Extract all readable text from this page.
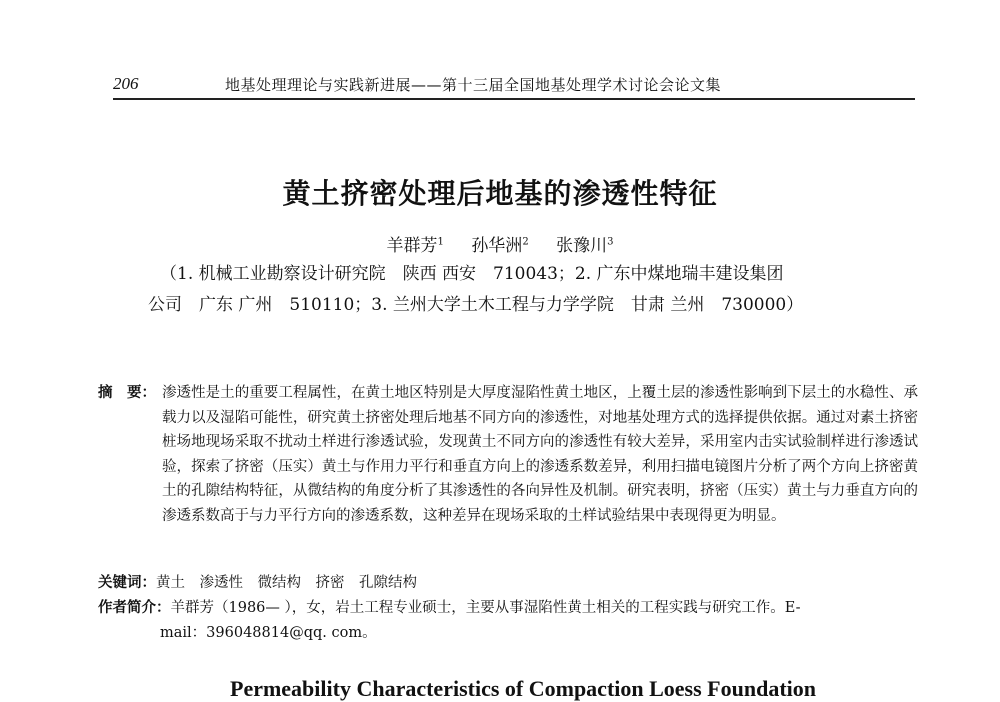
206	地基处理理论与实践新进展——第十三届全国地基处理学术讨论会论文集
黄土挤密处理后地基的渗透性特征
羊群芳$^1$ 孙华洲$^2$ 张豫川$^3$
（1. 机械工业勘察设计研究院　陕西 西安　710043；2. 广东中煤地瑞丰建设集团
公司　广东 广州　510110；3. 兰州大学土木工程与力学学院　甘肃 兰州　730000）
摘　要： 渗透性是土的重要工程属性，在黄土地区特别是大厚度湿陷性黄土地区，上覆土层的渗透性影响到下层土的水稳性、承载力以及湿陷可能性，研究黄土挤密处理后地基不同方向的渗透性，对地基处理方式的选择提供依据。通过对素土挤密桩场地现场采取不扰动土样进行渗透试验，发现黄土不同方向的渗透性有较大差异，采用室内击实试验制样进行渗透试验，探索了挤密（压实）黄土与作用力平行和垂直方向上的渗透系数差异，利用扫描电镜图片分析了两个方向上挤密黄土的孔隙结构特征，从微结构的角度分析了其渗透性的各向异性及机制。研究表明，挤密（压实）黄土与力垂直方向的渗透系数高于与力平行方向的渗透系数，这种差异在现场采取的土样试验结果中表现得更为明显。
关键词：黄土　渗透性　微结构　挤密　孔隙结构
作者简介：羊群芳（1986— ），女，岩土工程专业硕士，主要从事湿陷性黄土相关的工程实践与研究工作。E-
mail：396048814@qq. com。
Permeability Characteristics of Compaction Loess Foundation
